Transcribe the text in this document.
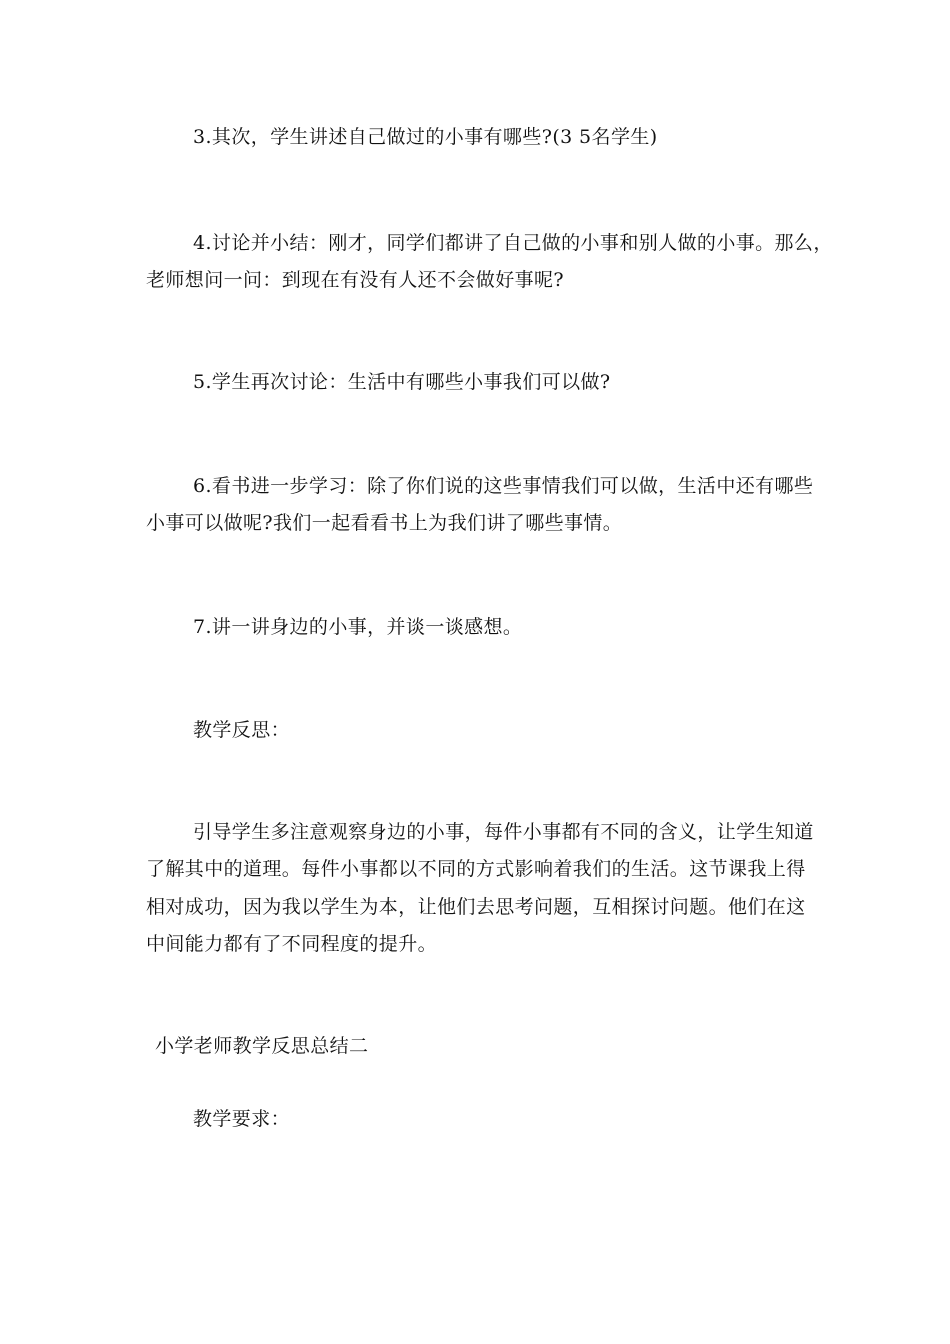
3.其次，学生讲述自己做过的小事有哪些?(3 5名学生)
4.讨论并小结：刚才，同学们都讲了自己做的小事和别人做的小事。那么，
老师想问一问：到现在有没有人还不会做好事呢?
5.学生再次讨论：生活中有哪些小事我们可以做?
6.看书进一步学习：除了你们说的这些事情我们可以做，生活中还有哪些
小事可以做呢?我们一起看看书上为我们讲了哪些事情。
7.讲一讲身边的小事，并谈一谈感想。
教学反思：
引导学生多注意观察身边的小事，每件小事都有不同的含义，让学生知道
了解其中的道理。每件小事都以不同的方式影响着我们的生活。这节课我上得
相对成功，因为我以学生为本，让他们去思考问题，互相探讨问题。他们在这
中间能力都有了不同程度的提升。
小学老师教学反思总结二
教学要求：
